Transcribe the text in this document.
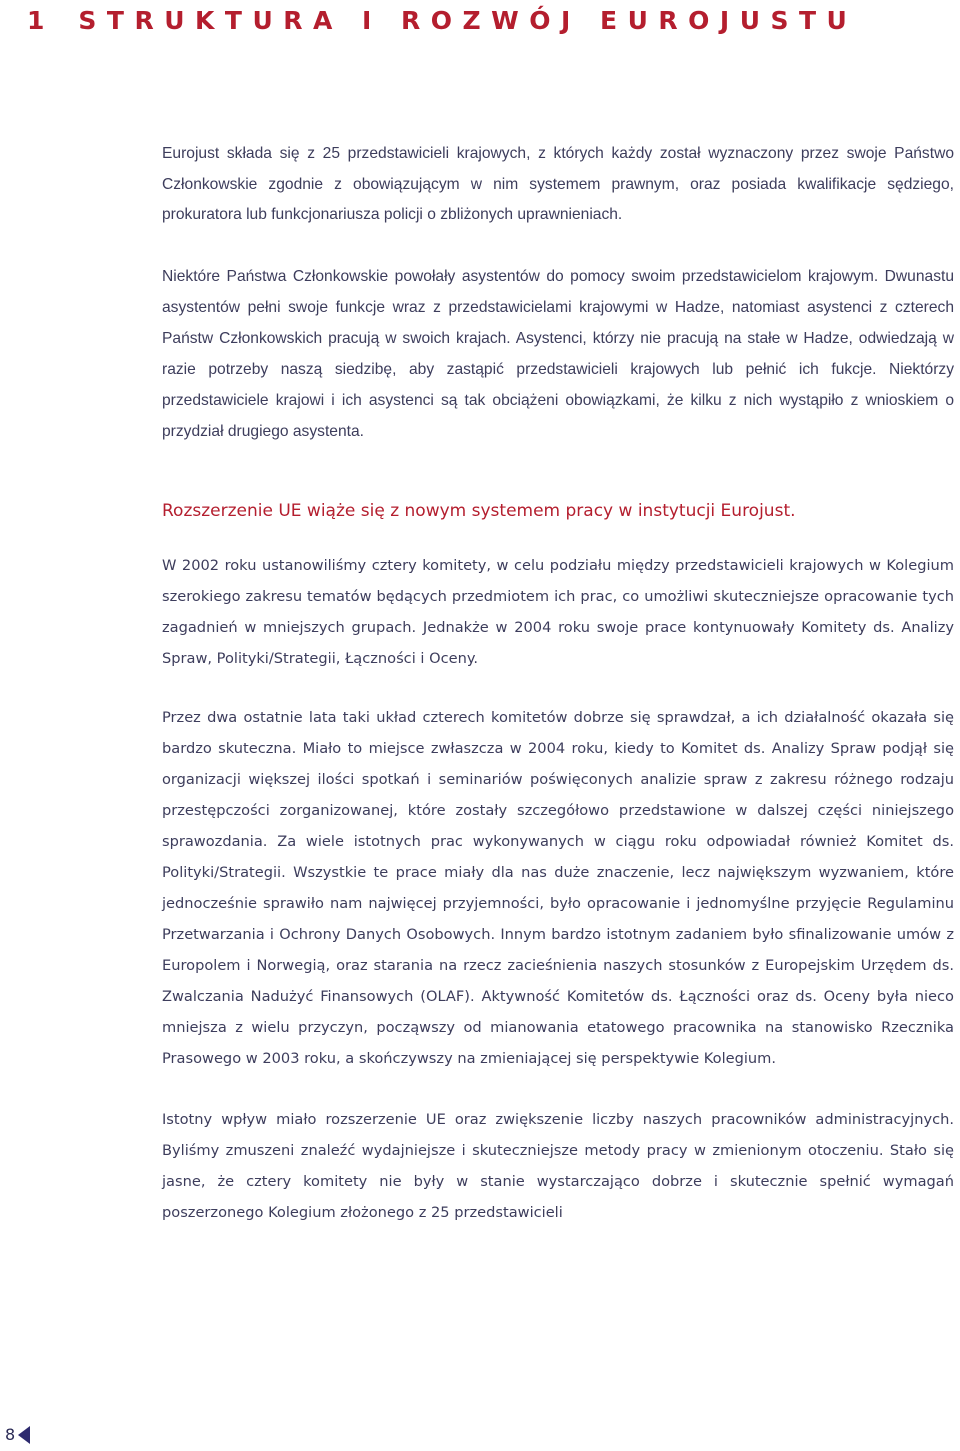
1 STRUKTURA I ROZWÓJ EUROJUSTU

Eurojust składa się z 25 przedstawicieli krajowych, z których każdy został wyznaczony przez swoje Państwo Członkowskie zgodnie z obowiązującym w nim systemem prawnym, oraz posiada kwalifikacje sędziego, prokuratora lub funkcjonariusza policji o zbliżonych uprawnieniach.

Niektóre Państwa Członkowskie powołały asystentów do pomocy swoim przedstawicielom krajowym. Dwunastu asystentów pełni swoje funkcje wraz z przedstawicielami krajowymi w Hadze, natomiast asystenci z czterech Państw Członkowskich pracują w swoich krajach. Asystenci, którzy nie pracują na stałe w Hadze, odwiedzają w razie potrzeby naszą siedzibę, aby zastąpić przedstawicieli krajowych lub pełnić ich fukcje. Niektórzy przedstawiciele krajowi i ich asystenci są tak obciążeni obowiązkami, że kilku z nich wystąpiło z wnioskiem o przydział drugiego asystenta.

Rozszerzenie UE wiąże się z nowym systemem pracy w instytucji Eurojust.

W 2002 roku ustanowiliśmy cztery komitety, w celu podziału między przedstawicieli krajowych w Kolegium szerokiego zakresu tematów będących przedmiotem ich prac, co umożliwi skuteczniejsze opracowanie tych zagadnień w mniejszych grupach. Jednakże w 2004 roku swoje prace kontynuowały Komitety ds. Analizy Spraw, Polityki/Strategii, Łączności i Oceny.

Przez dwa ostatnie lata taki układ czterech komitetów dobrze się sprawdzał, a ich działalność okazała się bardzo skuteczna. Miało to miejsce zwłaszcza w 2004 roku, kiedy to Komitet ds. Analizy Spraw podjął się organizacji większej ilości spotkań i seminariów poświęconych analizie spraw z zakresu różnego rodzaju przestępczości zorganizowanej, które zostały szczegółowo przedstawione w dalszej części niniejszego sprawozdania. Za wiele istotnych prac wykonywanych w ciągu roku odpowiadał również Komitet ds. Polityki/Strategii. Wszystkie te prace miały dla nas duże znaczenie, lecz największym wyzwaniem, które jednocześnie sprawiło nam najwięcej przyjemności, było opracowanie i jednomyślne przyjęcie Regulaminu Przetwarzania i Ochrony Danych Osobowych. Innym bardzo istotnym zadaniem było sfinalizowanie umów z Europolem i Norwegią, oraz starania na rzecz zacieśnienia naszych stosunków z Europejskim Urzędem ds. Zwalczania Nadużyć Finansowych (OLAF). Aktywność Komitetów ds. Łączności oraz ds. Oceny była nieco mniejsza z wielu przyczyn, począwszy od mianowania etatowego pracownika na stanowisko Rzecznika Prasowego w 2003 roku, a skończywszy na zmieniającej się perspektywie Kolegium.

Istotny wpływ miało rozszerzenie UE oraz zwiększenie liczby naszych pracowników administracyjnych. Byliśmy zmuszeni znaleźć wydajniejsze i skuteczniejsze metody pracy w zmienionym otoczeniu. Stało się jasne, że cztery komitety nie były w stanie wystarczająco dobrze i skutecznie spełnić wymagań poszerzonego Kolegium złożonego z 25 przedstawicieli

8
